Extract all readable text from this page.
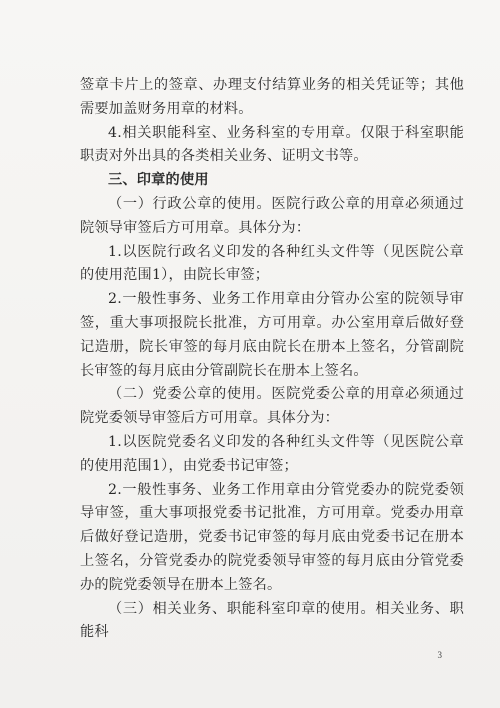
签章卡片上的签章、办理支付结算业务的相关凭证等；其他需要加盖财务用章的材料。

4.相关职能科室、业务科室的专用章。仅限于科室职能职责对外出具的各类相关业务、证明文书等。

三、印章的使用

（一）行政公章的使用。医院行政公章的用章必须通过院领导审签后方可用章。具体分为：

1.以医院行政名义印发的各种红头文件等（见医院公章的使用范围1），由院长审签；

2.一般性事务、业务工作用章由分管办公室的院领导审签，重大事项报院长批准，方可用章。办公室用章后做好登记造册，院长审签的每月底由院长在册本上签名，分管副院长审签的每月底由分管副院长在册本上签名。

（二）党委公章的使用。医院党委公章的用章必须通过院党委领导审签后方可用章。具体分为：

1.以医院党委名义印发的各种红头文件等（见医院公章的使用范围1），由党委书记审签；

2.一般性事务、业务工作用章由分管党委办的院党委领导审签，重大事项报党委书记批准，方可用章。党委办用章后做好登记造册，党委书记审签的每月底由党委书记在册本上签名，分管党委办的院党委领导审签的每月底由分管党委办的院党委领导在册本上签名。

（三）相关业务、职能科室印章的使用。相关业务、职能科

3
